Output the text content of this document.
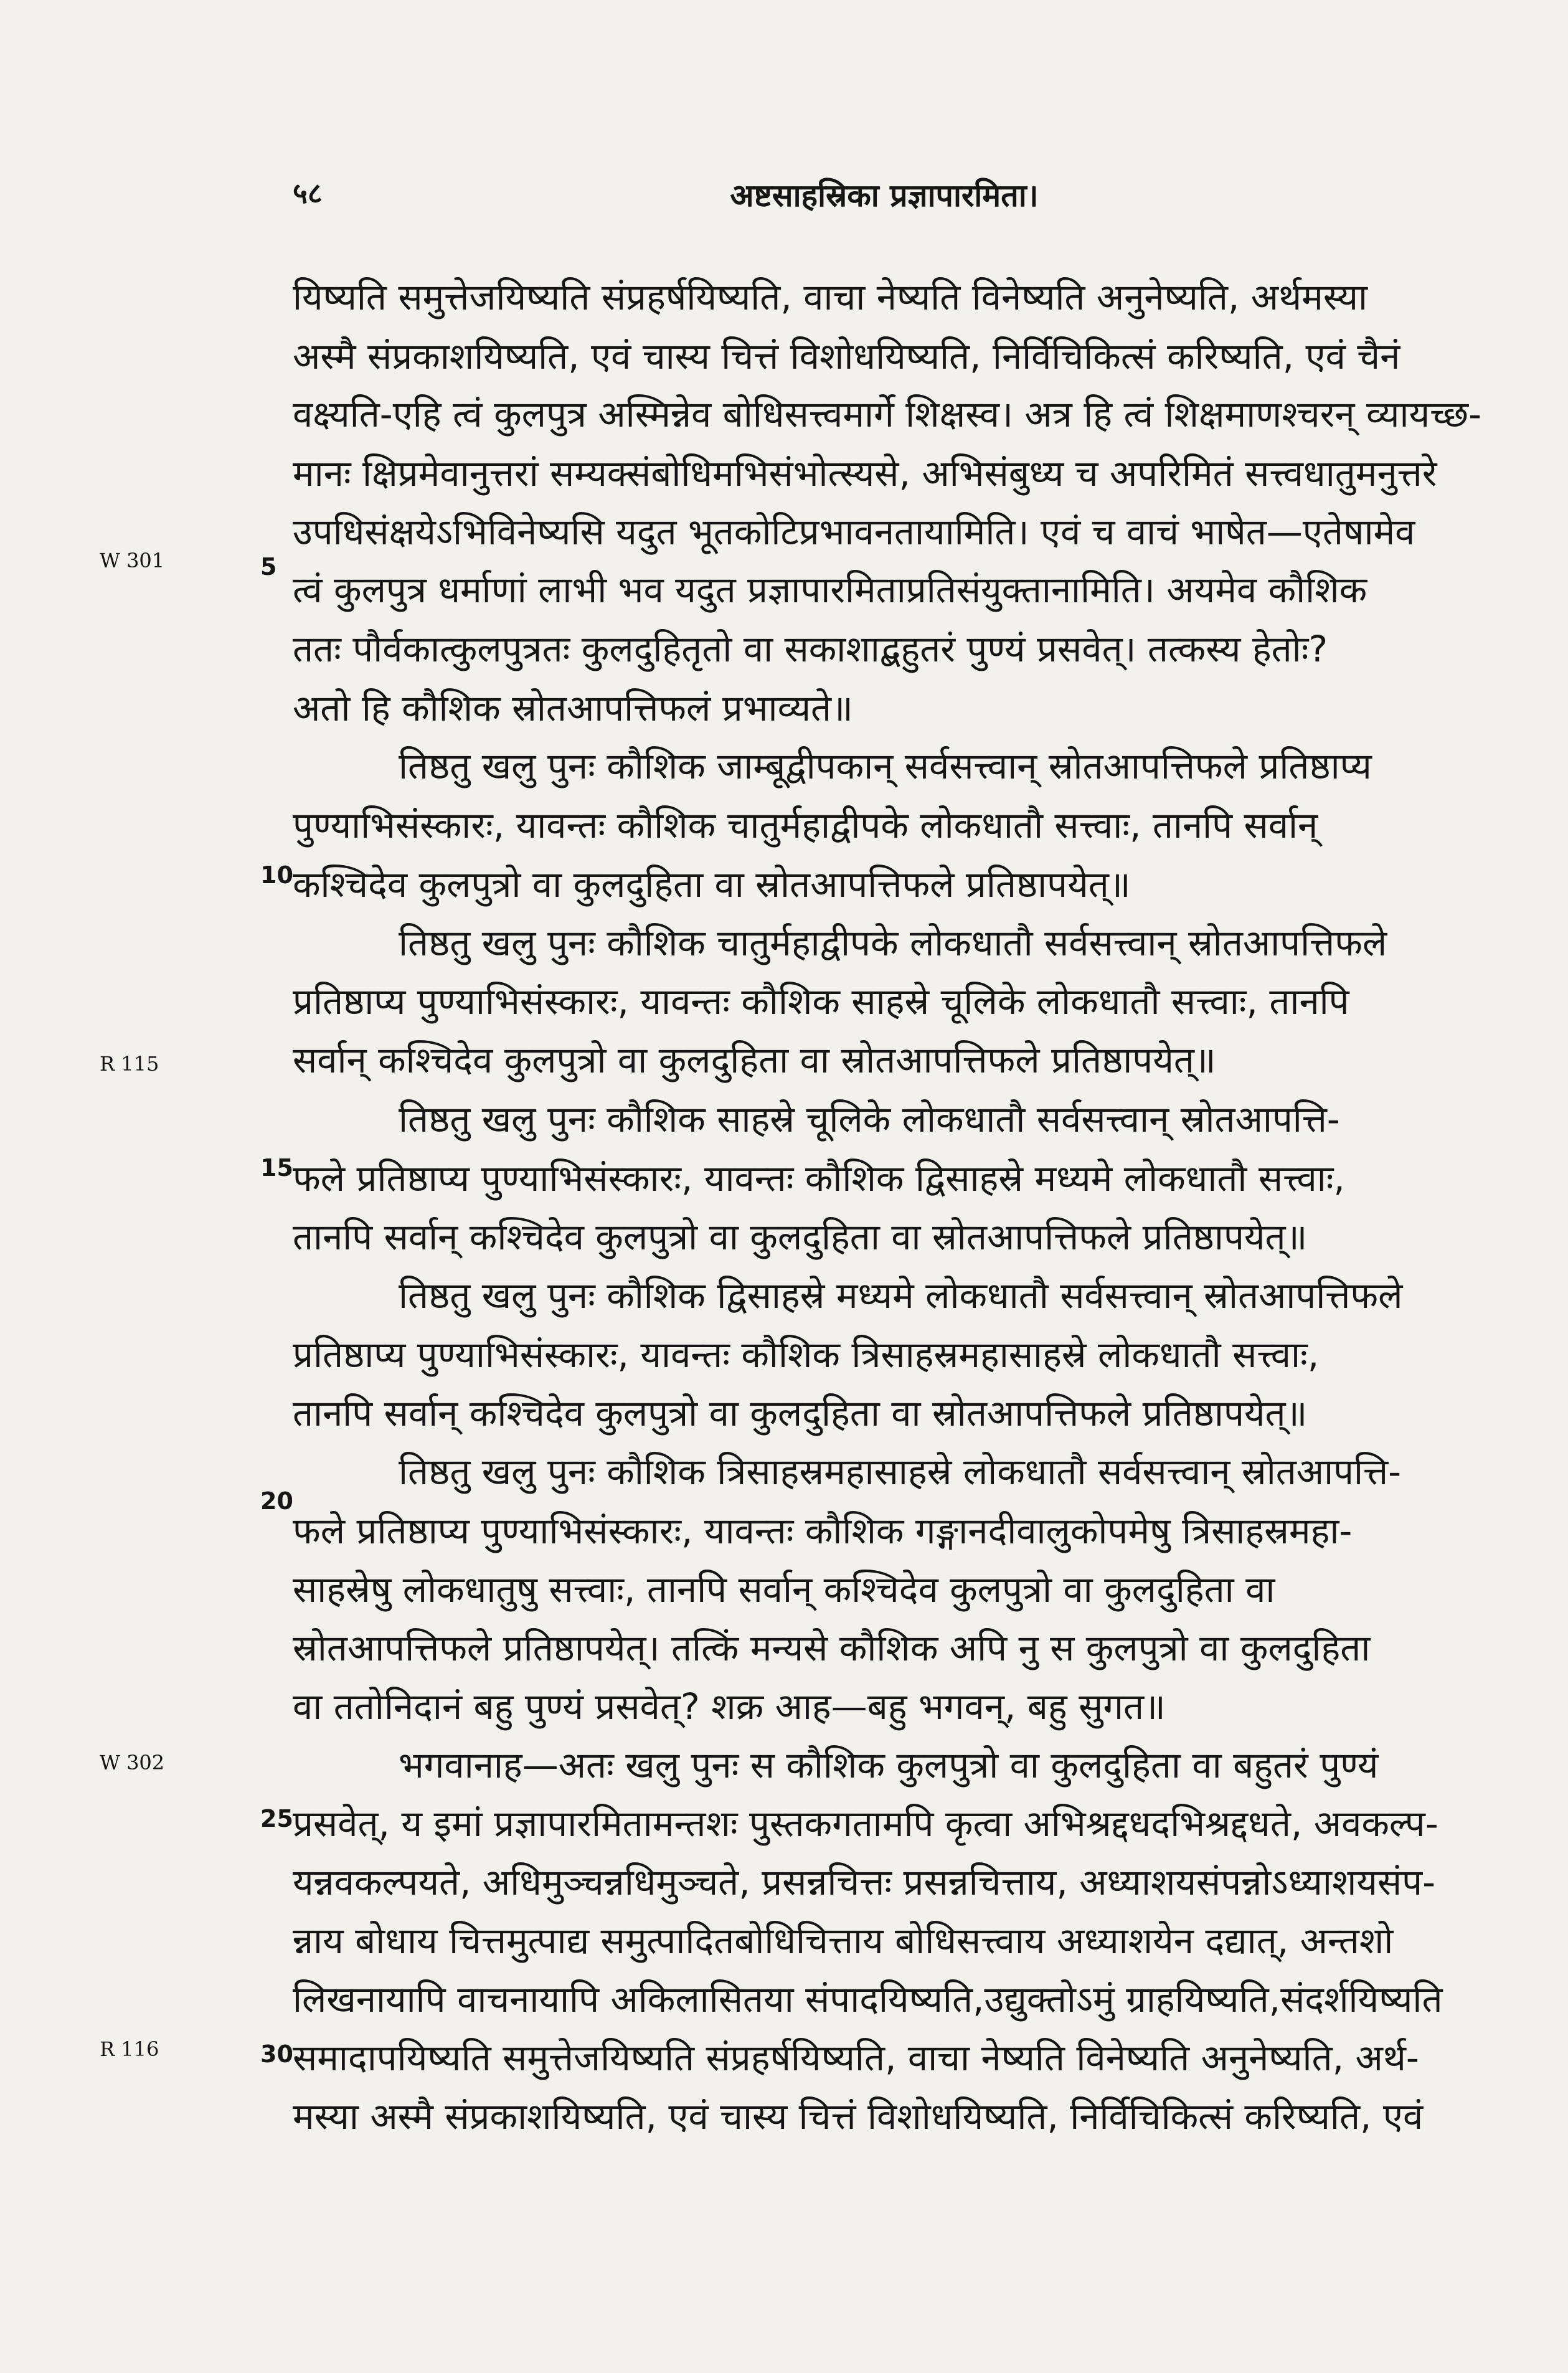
५८	अष्टसाहस्रिका प्रज्ञापारमिता।
W 301
R 115
W 302
R 116
5
10
15
20
25
30
यिष्यति समुत्तेजयिष्यति संप्रहर्षयिष्यति, वाचा नेष्यति विनेष्यति अनुनेष्यति, अर्थमस्या
अस्मै संप्रकाशयिष्यति, एवं चास्य चित्तं विशोधयिष्यति, निर्विचिकित्सं करिष्यति, एवं चैनं
वक्ष्यति-एहि त्वं कुलपुत्र अस्मिन्नेव बोधिसत्त्वमार्गे शिक्षस्व। अत्र हि त्वं शिक्षमाणश्चरन् व्यायच्छ-
मानः क्षिप्रमेवानुत्तरां सम्यक्संबोधिमभिसंभोत्स्यसे, अभिसंबुध्य च अपरिमितं सत्त्वधातुमनुत्तरे
उपधिसंक्षयेऽभिविनेष्यसि यदुत भूतकोटिप्रभावनतायामिति। एवं च वाचं भाषेत—एतेषामेव
त्वं कुलपुत्र धर्माणां लाभी भव यदुत प्रज्ञापारमिताप्रतिसंयुक्तानामिति। अयमेव कौशिक
ततः पौर्वकात्कुलपुत्रतः कुलदुहितृतो वा सकाशाद्बहुतरं पुण्यं प्रसवेत्। तत्कस्य हेतोः?
अतो हि कौशिक स्रोतआपत्तिफलं प्रभाव्यते॥
तिष्ठतु खलु पुनः कौशिक जाम्बूद्वीपकान् सर्वसत्त्वान् स्रोतआपत्तिफले प्रतिष्ठाप्य
पुण्याभिसंस्कारः, यावन्तः कौशिक चातुर्महाद्वीपके लोकधातौ सत्त्वाः, तानपि सर्वान्
कश्चिदेव कुलपुत्रो वा कुलदुहिता वा स्रोतआपत्तिफले प्रतिष्ठापयेत्॥
तिष्ठतु खलु पुनः कौशिक चातुर्महाद्वीपके लोकधातौ सर्वसत्त्वान् स्रोतआपत्तिफले
प्रतिष्ठाप्य पुण्याभिसंस्कारः, यावन्तः कौशिक साहस्रे चूलिके लोकधातौ सत्त्वाः, तानपि
सर्वान् कश्चिदेव कुलपुत्रो वा कुलदुहिता वा स्रोतआपत्तिफले प्रतिष्ठापयेत्॥
तिष्ठतु खलु पुनः कौशिक साहस्रे चूलिके लोकधातौ सर्वसत्त्वान् स्रोतआपत्ति-
फले प्रतिष्ठाप्य पुण्याभिसंस्कारः, यावन्तः कौशिक द्विसाहस्रे मध्यमे लोकधातौ सत्त्वाः,
तानपि सर्वान् कश्चिदेव कुलपुत्रो वा कुलदुहिता वा स्रोतआपत्तिफले प्रतिष्ठापयेत्॥
तिष्ठतु खलु पुनः कौशिक द्विसाहस्रे मध्यमे लोकधातौ सर्वसत्त्वान् स्रोतआपत्तिफले
प्रतिष्ठाप्य पुण्याभिसंस्कारः, यावन्तः कौशिक त्रिसाहस्रमहासाहस्रे लोकधातौ सत्त्वाः,
तानपि सर्वान् कश्चिदेव कुलपुत्रो वा कुलदुहिता वा स्रोतआपत्तिफले प्रतिष्ठापयेत्॥
तिष्ठतु खलु पुनः कौशिक त्रिसाहस्रमहासाहस्रे लोकधातौ सर्वसत्त्वान् स्रोतआपत्ति-
फले प्रतिष्ठाप्य पुण्याभिसंस्कारः, यावन्तः कौशिक गङ्गानदीवालुकोपमेषु त्रिसाहस्रमहा-
साहस्रेषु लोकधातुषु सत्त्वाः, तानपि सर्वान् कश्चिदेव कुलपुत्रो वा कुलदुहिता वा
स्रोतआपत्तिफले प्रतिष्ठापयेत्। तत्किं मन्यसे कौशिक अपि नु स कुलपुत्रो वा कुलदुहिता
वा ततोनिदानं बहु पुण्यं प्रसवेत्? शक्र आह—बहु भगवन्, बहु सुगत॥
भगवानाह—अतः खलु पुनः स कौशिक कुलपुत्रो वा कुलदुहिता वा बहुतरं पुण्यं
प्रसवेत्, य इमां प्रज्ञापारमितामन्तशः पुस्तकगतामपि कृत्वा अभिश्रद्दधदभिश्रद्दधते, अवकल्प-
यन्नवकल्पयते, अधिमुञ्चन्नधिमुञ्चते, प्रसन्नचित्तः प्रसन्नचित्ताय, अध्याशयसंपन्नोऽध्याशयसंप-
न्नाय बोधाय चित्तमुत्पाद्य समुत्पादितबोधिचित्ताय बोधिसत्त्वाय अध्याशयेन दद्यात्, अन्तशो
लिखनायापि वाचनायापि अकिलासितया संपादयिष्यति,उद्युक्तोऽमुं ग्राहयिष्यति,संदर्शयिष्यति
समादापयिष्यति समुत्तेजयिष्यति संप्रहर्षयिष्यति, वाचा नेष्यति विनेष्यति अनुनेष्यति, अर्थ-
मस्या अस्मै संप्रकाशयिष्यति, एवं चास्य चित्तं विशोधयिष्यति, निर्विचिकित्सं करिष्यति, एवं
